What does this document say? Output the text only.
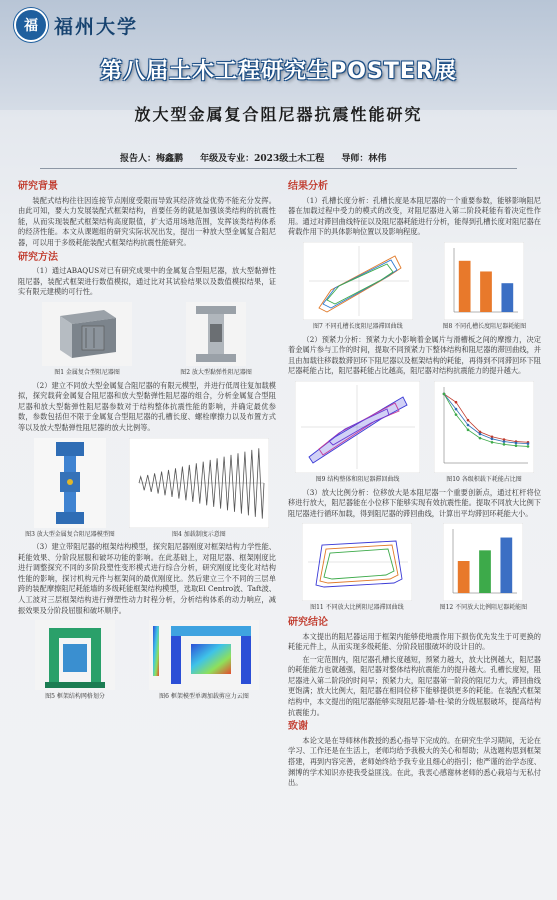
福 福州大学
第八届土木工程研究生POSTER展
放大型金属复合阻尼器抗震性能研究
报告人：梅鑫鹏 年级及专业：2023级土木工程 导师：林伟
研究背景
装配式结构往往因连接节点刚度受限而导致其经济效益优势不能充分发挥。由此可知，要大力发展装配式框架结构，首要任务的就是加强该类结构的抗震性能，从而实现装配式框架结构高度限值，扩大适用场地范围，发挥该类结构体系的经济性能。本文从课题组的研究实际状况出发，提出一种放大型金属复合阻尼器，可以用于多级耗能装配式框架结构抗震性能研究。
研究方法
（1）通过ABAQUS对已有研究成果中的金属复合型阻尼器，放大型黏弹性阻尼器，装配式框架进行数值模拟，通过比对其试验结果以及数值模拟结果，证实有限元建模的可行性。
图1 金属复合型阻尼器图	图2 放大型黏弹性阻尼器图
（2）建立不同放大型金属复合阻尼器的有限元模型，并进行低周往复加载模拟，探究载荷金属复合阻尼器和放大型黏弹性阻尼器的组合，分析金属复合型阻尼器和放大型黏弹性阻尼器参数对于结构整体抗震性能的影响，并确定最优参数，参数包括但不限于金属复合型阻尼器的孔槽长度、螺栓摩擦力以及布置方式等以及放大型黏弹性阻尼器的放大比例等。
图3 放大型金属复合阻尼器模型图	图4 加载制度示意图
（3）建立带阻尼器的框架结构模型，探究阻尼器刚度对框架结构力学性能、耗能效果、分阶段屈服和破坏功能的影响。在此基础上，对阻尼器、框架刚度比进行调整探究不同的多阶段塑性变形模式进行综合分析，研究刚度比变化对结构性能的影响，探讨机构元件与框架间的最优刚度比。然后建立三个不同的三层单跨的装配摩擦阻尼耗能墙的多级耗能框架结构模型，选取El Centro波、Taft波、人工波对三层框架结构进行弹塑性动力时程分析，分析结构体系的动力响应，减振效果及分阶段屈服和破坏顺序。
图5 框架结构网格划分	图6 框架模型单调加载剪应力云图
结果分析
（1）孔槽长度分析：孔槽长度是本阻尼器的一个重要参数，能够影响阻尼器在加载过程中受力的模式的改变，对阻尼器进入第二阶段耗能有着决定性作用。通过对滞回曲线特征以及阻尼器耗能进行分析，能得到孔槽长度对阻尼器在荷载作用下的具体影响位置以及影响程度。
图7 不同孔槽长度阻尼器滞回曲线	图8 不同孔槽长度阻尼器耗能图
（2）预紧力分析：预紧力大小影响着金属片与滑槽板之间的摩擦力，决定着金属片参与工作的时间，提取不同预紧力下整体结构和阻尼器的滞回曲线，并且由加载往移载数滞回环下阻尼器以及框架结构的耗能，再得到不同滞回环下阻尼器耗能占比，阻尼器耗能占比越高，阻尼器对结构抗震能力的提升越大。
图9 结构整体和阻尼器滞回曲线	图10 各级积载下耗能占比图
（3）放大比例分析：位移放大是本阻尼器一个重要创新点，通过杠杆将位移进行放大，阻尼器能在小位移下能够实现有效抗震性能。提取不同放大比例下阻尼器进行循环加载，得到阻尼器的滞回曲线，计算出平均滞回环耗能大小。
图11 不同放大比例阻尼器滞回曲线	图12 不同放大比例阻尼器耗能图
研究结论
本文提出的阻尼器运用于框架内能够使地震作用下损伤优先发生于可更换的耗能元件上，从而实现多级耗能、分阶段屈服破坏的设计目的。
在一定范围内，阻尼器孔槽长度越短，预紧力越大，放大比例越大，阻尼器的耗能能力也就越强，阻尼器对整体结构抗震能力的提升越大。孔槽长度短，阻尼器进入第二阶段的时间早；预紧力大，阻尼器第一阶段的阻尼力大，滞回曲线更饱满；放大比例大，阻尼器在相同位移下能够提供更多的耗能。在装配式框架结构中，本文提出的阻尼器能够实现阻尼器-墙-柱-梁的分级屈服破坏，提高结构抗震能力。
致谢
本论文是在导师林伟教授的悉心指导下完成的。在研究生学习期间，无论在学习、工作还是在生活上，老师均给予我极大的关心和帮助；从选题构思到框架搭建，再到内容完善，老师始终给予我专业且细心的指引；他严谨的治学态度、渊博的学术知识亦使我受益匪浅。在此，我衷心感谢林老师的悉心栽培与无私付出。
